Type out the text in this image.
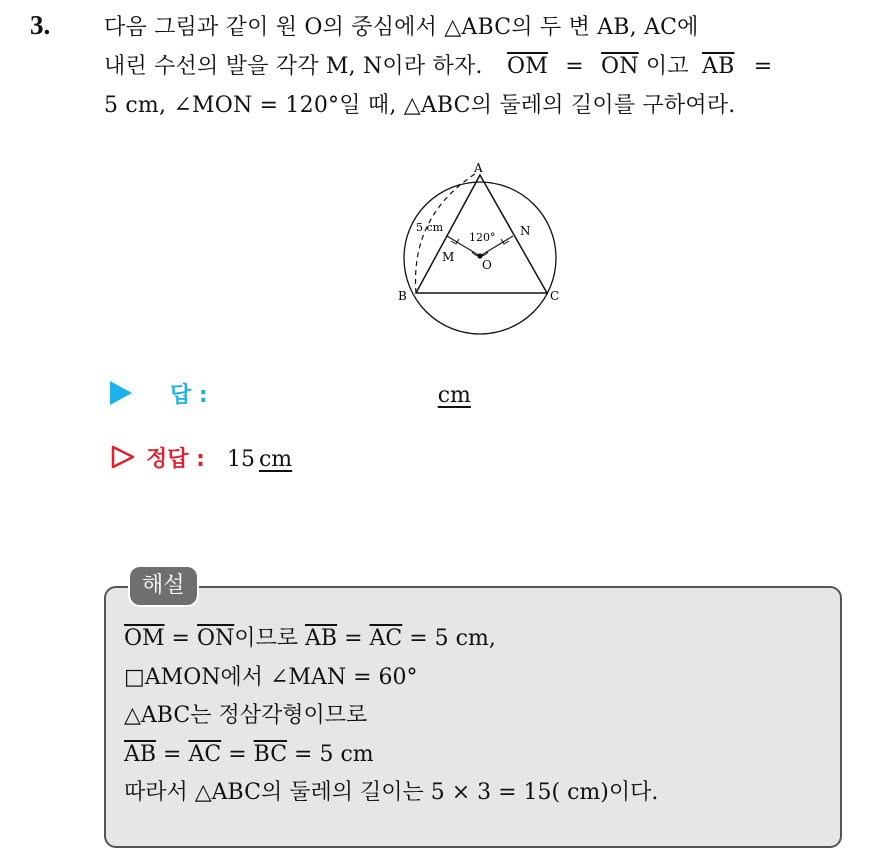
3. 다음 그림과 같이 원 O의 중심에서 △ABC의 두 변 AB, AC에
내린 수선의 발을 각각 M, N이라 하자. $\overline{OM} = \overline{ON}$ 이고 $\overline{AB}$ =
5 cm, ∠MON = 120°일 때, △ABC의 둘레의 길이를 구하여라.
A
B	C
M
N
O
5 cm
120°
답 :	cm
정답 : 15 cm
해설
$\overline{OM} = \overline{ON}$이므로 $\overline{AB} = \overline{AC} = 5$ cm,
□AMON에서 ∠MAN = 60°
△ABC는 정삼각형이므로
$\overline{AB} = \overline{AC} = \overline{BC} = 5$ cm
따라서 △ABC의 둘레의 길이는 5 × 3 = 15( cm)이다.
